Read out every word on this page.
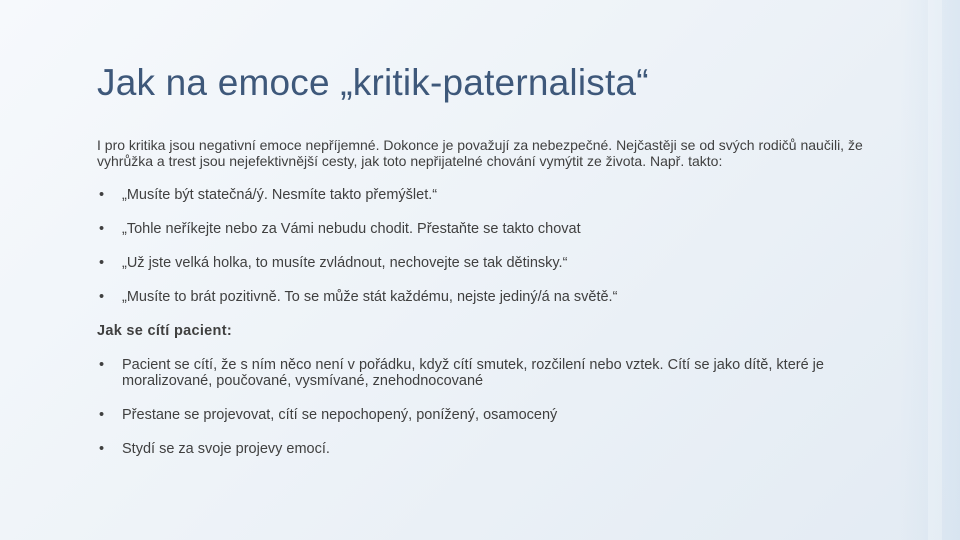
Jak na emoce „kritik-paternalista“

I pro kritika jsou negativní emoce nepříjemné. Dokonce je považují za nebezpečné. Nejčastěji se od svých rodičů naučili, že vyhrůžka a trest jsou nejefektivnější cesty, jak toto nepřijatelné chování vymýtit ze života. Např. takto:

• „Musíte být statečná/ý. Nesmíte takto přemýšlet.“
• „Tohle neříkejte nebo za Vámi nebudu chodit. Přestaňte se takto chovat
• „Už jste velká holka, to musíte zvládnout, nechovejte se tak dětinsky.“
• „Musíte to brát pozitivně. To se může stát každému, nejste jediný/á na světě.“

Jak se cítí pacient:

• Pacient se cítí, že s ním něco není v pořádku, když cítí smutek, rozčilení nebo vztek. Cítí se jako dítě, které je moralizované, poučované, vysmívané, znehodnocované
• Přestane se projevovat, cítí se nepochopený, ponížený, osamocený
• Stydí se za svoje projevy emocí.
